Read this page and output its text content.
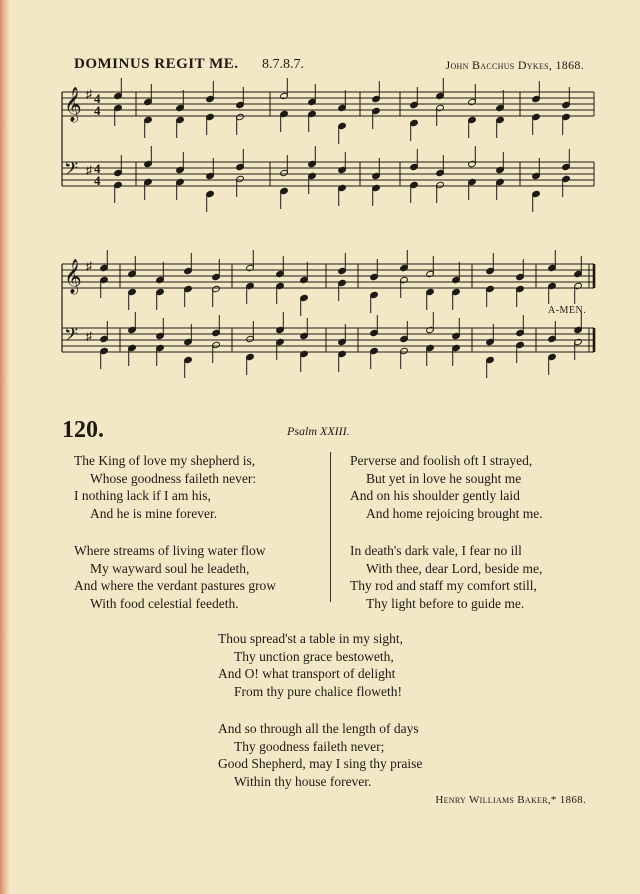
DOMINUS REGIT ME. 8.7.8.7.	John Bacchus Dykes, 1868.
𝄞 ♯ 4
4
𝄢 ♯ 4
4
𝄞 ♯
𝄢 ♯
A-MEN.
120.	Psalm XXIII.
The King of love my shepherd is,
Whose goodness faileth never:
I nothing lack if I am his,
And he is mine forever.
Where streams of living water flow
My wayward soul he leadeth,
And where the verdant pastures grow
With food celestial feedeth.
Perverse and foolish oft I strayed,
But yet in love he sought me
And on his shoulder gently laid
And home rejoicing brought me.
In death's dark vale, I fear no ill
With thee, dear Lord, beside me,
Thy rod and staff my comfort still,
Thy light before to guide me.
Thou spread'st a table in my sight,
Thy unction grace bestoweth,
And O! what transport of delight
From thy pure chalice floweth!
And so through all the length of days
Thy goodness faileth never;
Good Shepherd, may I sing thy praise
Within thy house forever.
Henry Williams Baker,* 1868.
